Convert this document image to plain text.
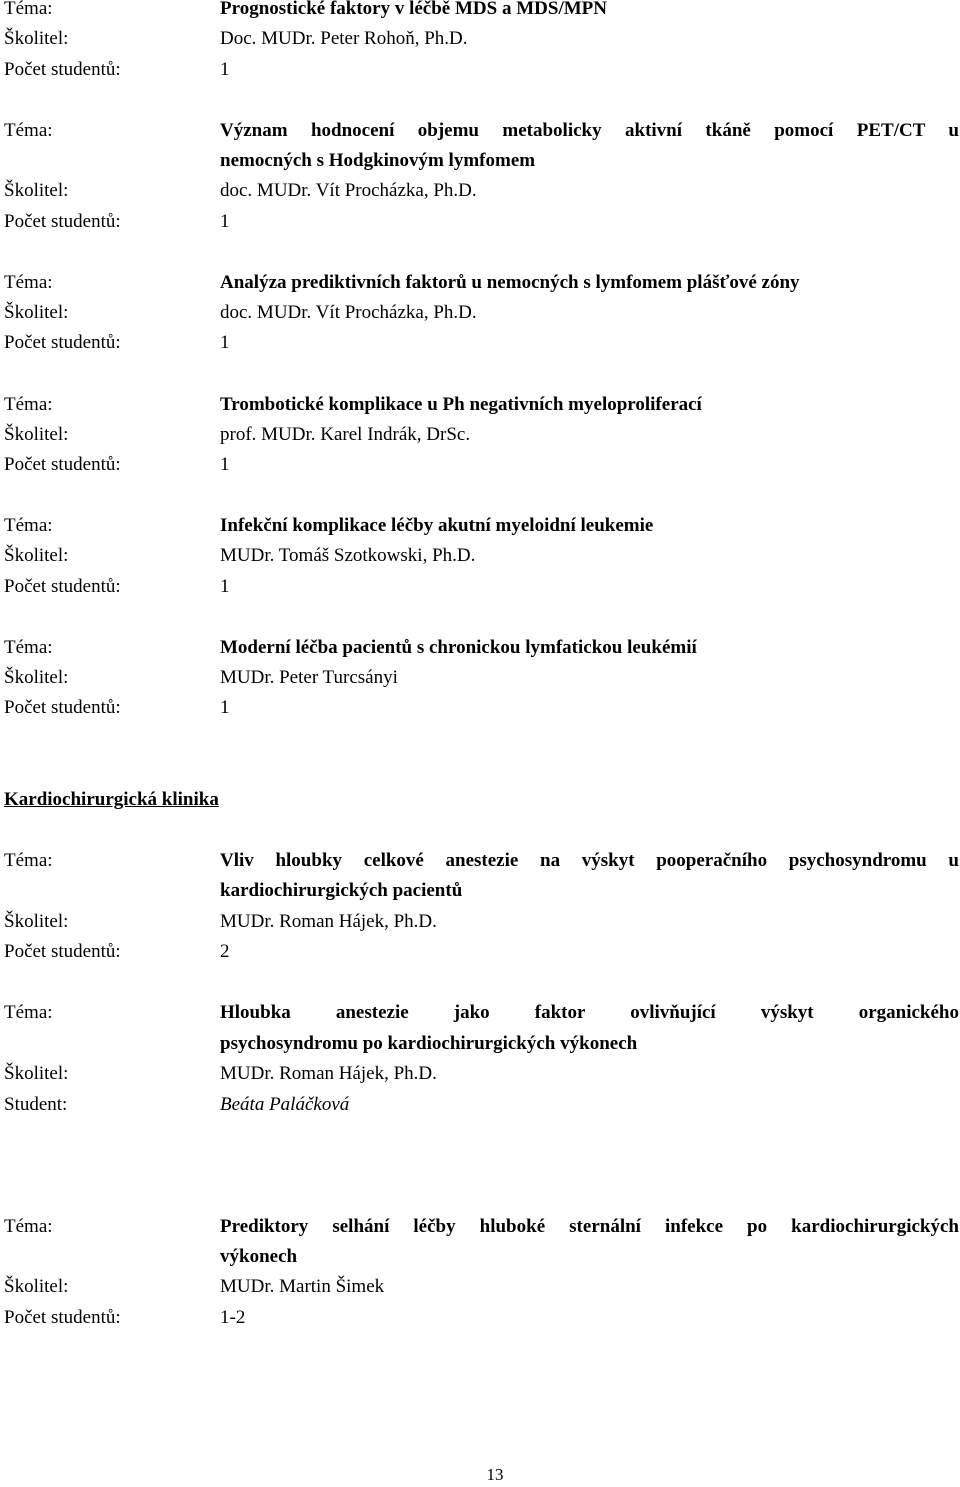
Téma:	Prognostické faktory v léčbě MDS a MDS/MPN
Školitel:	Doc. MUDr. Peter Rohoň, Ph.D.
Počet studentů:	1
Téma:	Význam hodnocení objemu metabolicky aktivní tkáně pomocí PET/CT u
nemocných s Hodgkinovým lymfomem
Školitel:	doc. MUDr. Vít Procházka, Ph.D.
Počet studentů:	1
Téma:	Analýza prediktivních faktorů u nemocných s lymfomem plášťové zóny
Školitel:	doc. MUDr. Vít Procházka, Ph.D.
Počet studentů:	1
Téma:	Trombotické komplikace u Ph negativních myeloproliferací
Školitel:	prof. MUDr. Karel Indrák, DrSc.
Počet studentů:	1
Téma:	Infekční komplikace léčby akutní myeloidní leukemie
Školitel:	MUDr. Tomáš Szotkowski, Ph.D.
Počet studentů:	1
Téma:	Moderní léčba pacientů s chronickou lymfatickou leukémií
Školitel:	MUDr. Peter Turcsányi
Počet studentů:	1
Kardiochirurgická klinika
Téma:	Vliv hloubky celkové anestezie na výskyt pooperačního psychosyndromu u
kardiochirurgických pacientů
Školitel:	MUDr. Roman Hájek, Ph.D.
Počet studentů:	2
Téma:	Hloubka anestezie jako faktor ovlivňující výskyt organického
psychosyndromu po kardiochirurgických výkonech
Školitel:	MUDr. Roman Hájek, Ph.D.
Student:	Beáta Paláčková
Téma:	Prediktory selhání léčby hluboké sternální infekce po kardiochirurgických
výkonech
Školitel:	MUDr. Martin Šimek
Počet studentů:	1-2
13
